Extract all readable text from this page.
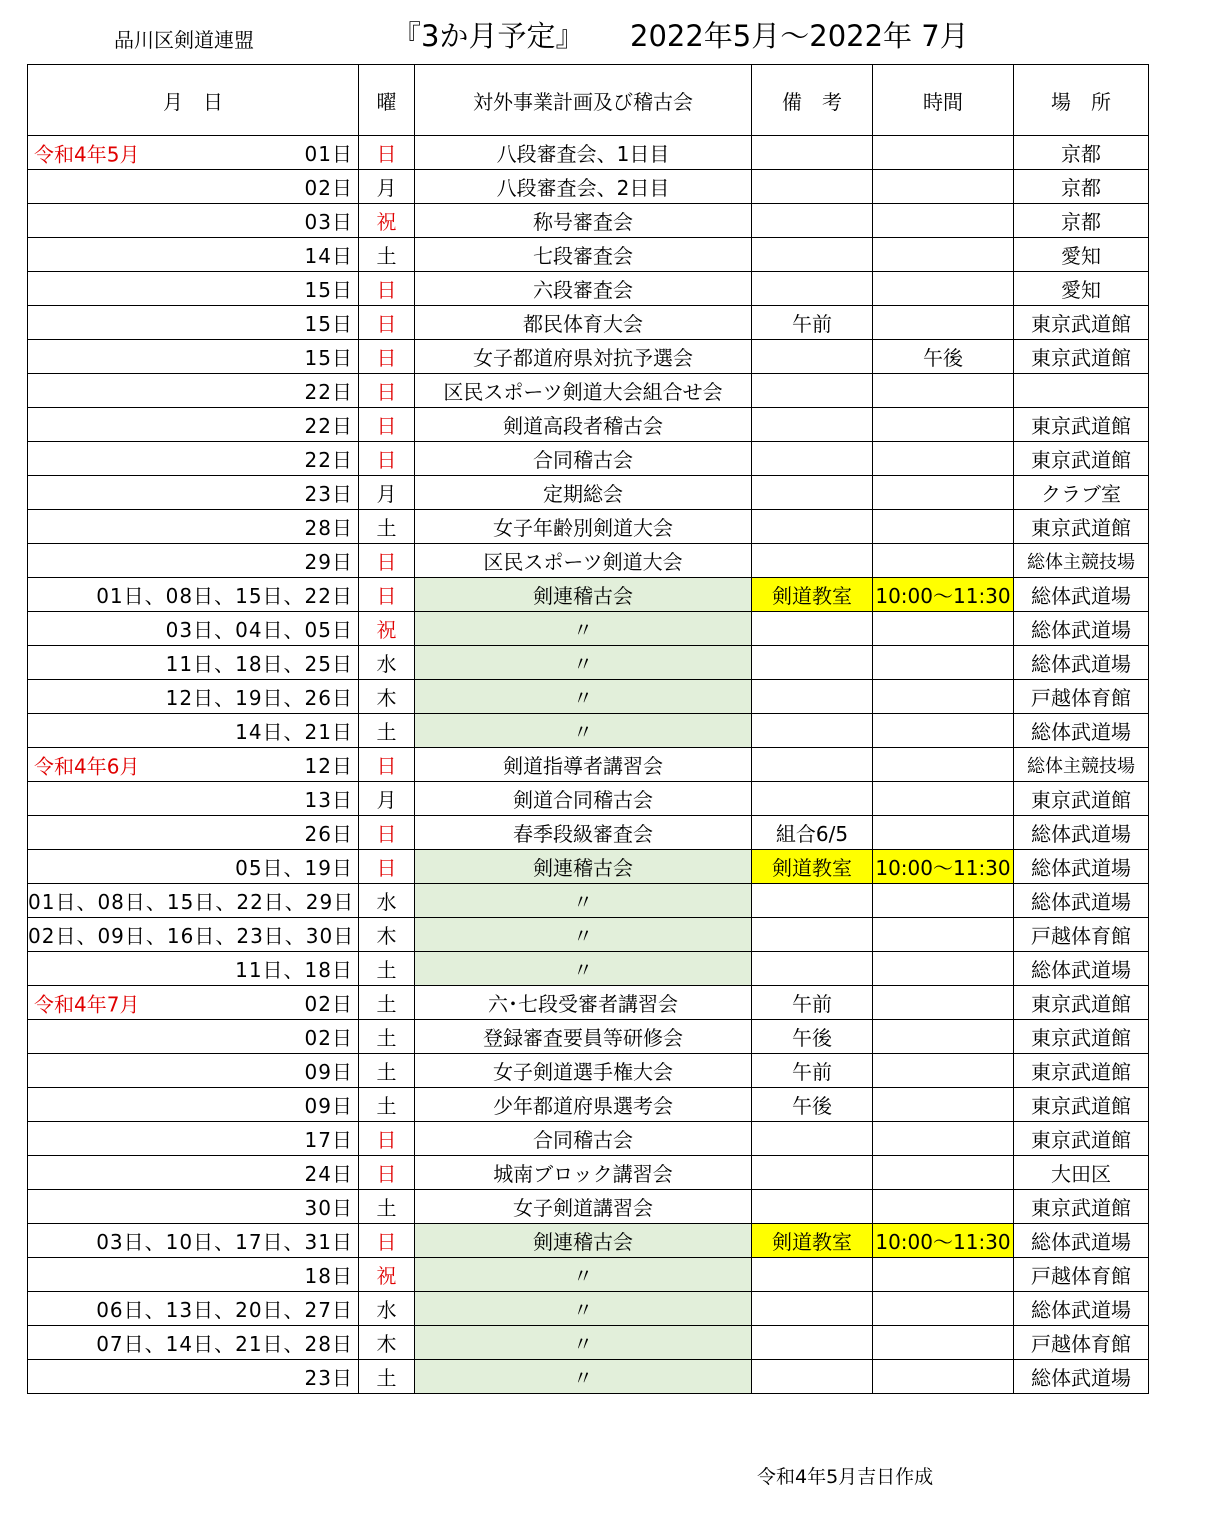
品川区剣道連盟	『3か月予定』 2022年5月～2022年 7月
月　日	曜	対外事業計画及び稽古会	備　考	時間	場　所

令和4年5月 01日	日	八段審査会、1日目			京都
02日	月	八段審査会、2日目			京都
03日	祝	称号審査会			京都
14日	土	七段審査会			愛知
15日	日	六段審査会			愛知
15日	日	都民体育大会	午前		東京武道館
15日	日	女子都道府県対抗予選会		午後	東京武道館
22日	日	区民スポーツ剣道大会組合せ会			
22日	日	剣道高段者稽古会			東京武道館
22日	日	合同稽古会			東京武道館
23日	月	定期総会			クラブ室
28日	土	女子年齢別剣道大会			東京武道館
29日	日	区民スポーツ剣道大会			総体主競技場
01日、08日、15日、22日	日	剣連稽古会	剣道教室	10:00～11:30	総体武道場
03日、04日、05日	祝	〃			総体武道場
11日、18日、25日	水	〃			総体武道場
12日、19日、26日	木	〃			戸越体育館
14日、21日	土	〃			総体武道場

令和4年6月 12日	日	剣道指導者講習会			総体主競技場
13日	月	剣道合同稽古会			東京武道館
26日	日	春季段級審査会	組合6/5		総体武道場
05日、19日	日	剣連稽古会	剣道教室	10:00～11:30	総体武道場
01日、08日、15日、22日、29日	水	〃			総体武道場
02日、09日、16日、23日、30日	木	〃			戸越体育館
11日、18日	土	〃			総体武道場

令和4年7月 02日	土	六･七段受審者講習会	午前		東京武道館
02日	土	登録審査要員等研修会	午後		東京武道館
09日	土	女子剣道選手権大会	午前		東京武道館
09日	土	少年都道府県選考会	午後		東京武道館
17日	日	合同稽古会			東京武道館
24日	日	城南ブロック講習会			大田区
30日	土	女子剣道講習会			東京武道館
03日、10日、17日、31日	日	剣連稽古会	剣道教室	10:00～11:30	総体武道場
18日	祝	〃			戸越体育館
06日、13日、20日、27日	水	〃			総体武道場
07日、14日、21日、28日	木	〃			戸越体育館
23日	土	〃			総体武道場
令和4年5月吉日作成
